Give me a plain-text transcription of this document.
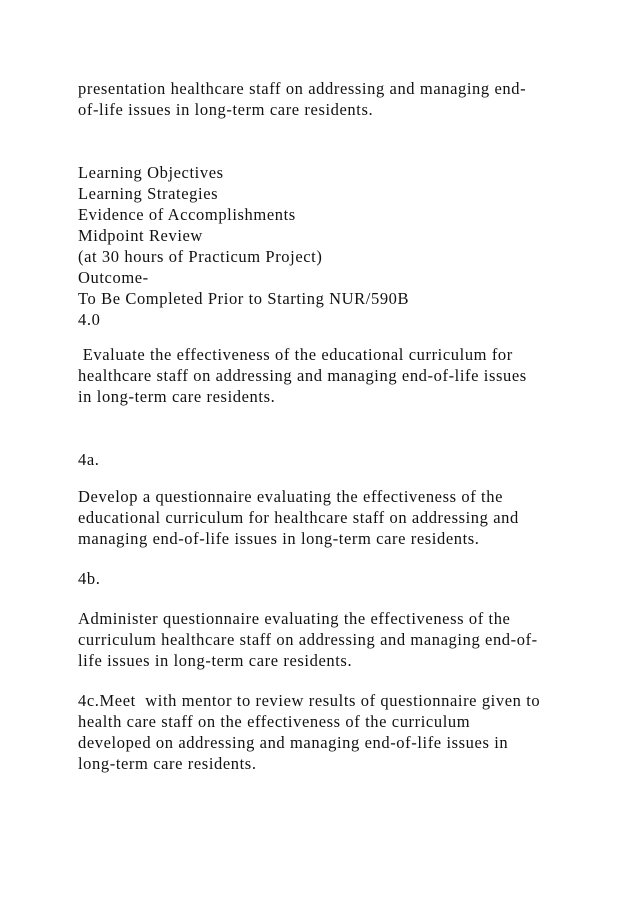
presentation healthcare staff on addressing and managing end-
of-life issues in long-term care residents.
Learning Objectives
Learning Strategies
Evidence of Accomplishments
Midpoint Review
(at 30 hours of Practicum Project)
Outcome-
To Be Completed Prior to Starting NUR/590B
4.0
Evaluate the effectiveness of the educational curriculum for
healthcare staff on addressing and managing end-of-life issues
in long-term care residents.
4a.
Develop a questionnaire evaluating the effectiveness of the
educational curriculum for healthcare staff on addressing and
managing end-of-life issues in long-term care residents.
4b.
Administer questionnaire evaluating the effectiveness of the
curriculum healthcare staff on addressing and managing end-of-
life issues in long-term care residents.
4c.Meet  with mentor to review results of questionnaire given to
health care staff on the effectiveness of the curriculum
developed on addressing and managing end-of-life issues in
long-term care residents.
